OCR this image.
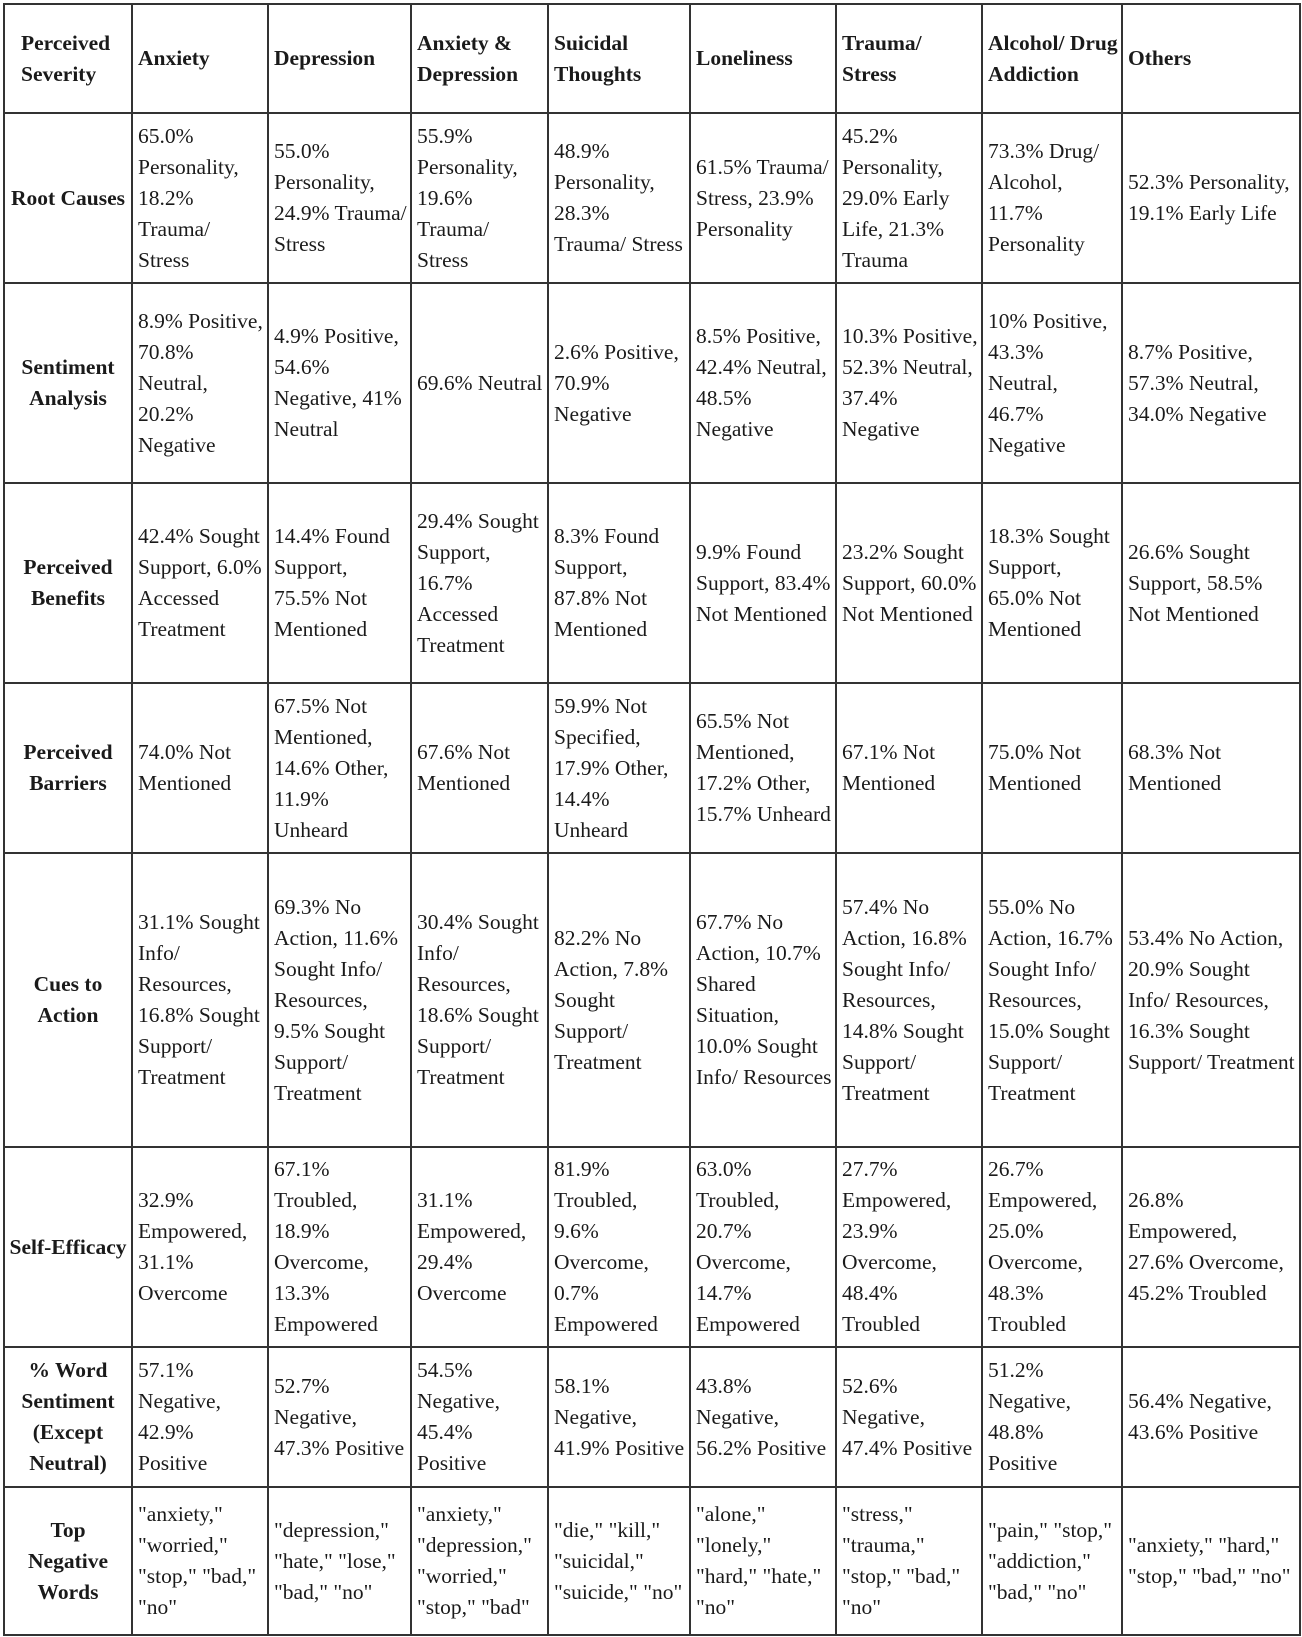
Perceived Severity	Anxiety	Depression	Anxiety & Depression	Suicidal Thoughts	Loneliness	Trauma/ Stress	Alcohol/ Drug Addiction	Others
Root Causes	65.0% Personality, 18.2% Trauma/ Stress	55.0% Personality, 24.9% Trauma/ Stress	55.9% Personality, 19.6% Trauma/ Stress	48.9% Personality, 28.3% Trauma/ Stress	61.5% Trauma/ Stress, 23.9% Personality	45.2% Personality, 29.0% Early Life, 21.3% Trauma	73.3% Drug/ Alcohol, 11.7% Personality	52.3% Personality, 19.1% Early Life
Sentiment Analysis	8.9% Positive, 70.8% Neutral, 20.2% Negative	4.9% Positive, 54.6% Negative, 41% Neutral	69.6% Neutral	2.6% Positive, 70.9% Negative	8.5% Positive, 42.4% Neutral, 48.5% Negative	10.3% Positive, 52.3% Neutral, 37.4% Negative	10% Positive, 43.3% Neutral, 46.7% Negative	8.7% Positive, 57.3% Neutral, 34.0% Negative
Perceived Benefits	42.4% Sought Support, 6.0% Accessed Treatment	14.4% Found Support, 75.5% Not Mentioned	29.4% Sought Support, 16.7% Accessed Treatment	8.3% Found Support, 87.8% Not Mentioned	9.9% Found Support, 83.4% Not Mentioned	23.2% Sought Support, 60.0% Not Mentioned	18.3% Sought Support, 65.0% Not Mentioned	26.6% Sought Support, 58.5% Not Mentioned
Perceived Barriers	74.0% Not Mentioned	67.5% Not Mentioned, 14.6% Other, 11.9% Unheard	67.6% Not Mentioned	59.9% Not Specified, 17.9% Other, 14.4% Unheard	65.5% Not Mentioned, 17.2% Other, 15.7% Unheard	67.1% Not Mentioned	75.0% Not Mentioned	68.3% Not Mentioned
Cues to Action	31.1% Sought Info/ Resources, 16.8% Sought Support/ Treatment	69.3% No Action, 11.6% Sought Info/ Resources, 9.5% Sought Support/ Treatment	30.4% Sought Info/ Resources, 18.6% Sought Support/ Treatment	82.2% No Action, 7.8% Sought Support/ Treatment	67.7% No Action, 10.7% Shared Situation, 10.0% Sought Info/ Resources	57.4% No Action, 16.8% Sought Info/ Resources, 14.8% Sought Support/ Treatment	55.0% No Action, 16.7% Sought Info/ Resources, 15.0% Sought Support/ Treatment	53.4% No Action, 20.9% Sought Info/ Resources, 16.3% Sought Support/ Treatment
Self-Efficacy	32.9% Empowered, 31.1% Overcome	67.1% Troubled, 18.9% Overcome, 13.3% Empowered	31.1% Empowered, 29.4% Overcome	81.9% Troubled, 9.6% Overcome, 0.7% Empowered	63.0% Troubled, 20.7% Overcome, 14.7% Empowered	27.7% Empowered, 23.9% Overcome, 48.4% Troubled	26.7% Empowered, 25.0% Overcome, 48.3% Troubled	26.8% Empowered, 27.6% Overcome, 45.2% Troubled
% Word Sentiment (Except Neutral)	57.1% Negative, 42.9% Positive	52.7% Negative, 47.3% Positive	54.5% Negative, 45.4% Positive	58.1% Negative, 41.9% Positive	43.8% Negative, 56.2% Positive	52.6% Negative, 47.4% Positive	51.2% Negative, 48.8% Positive	56.4% Negative, 43.6% Positive
Top Negative Words	"anxiety," "worried," "stop," "bad," "no"	"depression," "hate," "lose," "bad," "no"	"anxiety," "depression," "worried," "stop," "bad"	"die," "kill," "suicidal," "suicide," "no"	"alone," "lonely," "hard," "hate," "no"	"stress," "trauma," "stop," "bad," "no"	"pain," "stop," "addiction," "bad," "no"	"anxiety," "hard," "stop," "bad," "no"
